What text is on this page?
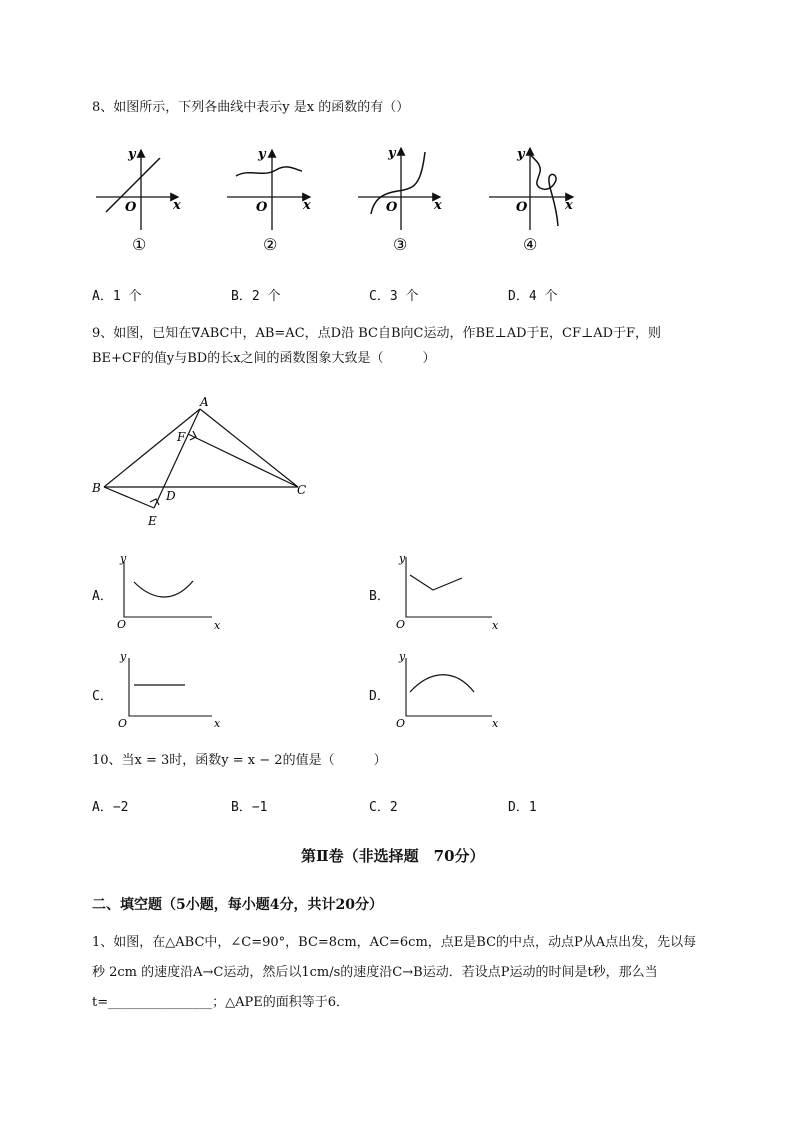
8、如图所示，下列各曲线中表示y 是x 的函数的有（）
y
x
O
y
x
O
y
x
O
y
x
O
①	②	③	④
A．1 个	B．2 个	C．3 个	D．4 个
9、如图，已知在∇ABC中，AB=AC，点D沿 BC自B向C运动，作BE⊥AD于E，CF⊥AD于F，则
BE+CF的值y与BD的长x之间的函数图象大致是（　　　）
A
B	C
D
E
F
y
x
O
y
x
O
y
x
O
y
x
O
A．	B．
C．	D．
10、当x = 3时，函数y = x − 2的值是（　　　）
A．−2	B．−1	C．2	D．1
第Ⅱ卷（非选择题　70分）
二、填空题（5小题，每小题4分，共计20分）
1、如图，在△ABC中，∠C=90°，BC=8cm，AC=6cm，点E是BC的中点，动点P从A点出发，先以每
秒 2cm 的速度沿A→C运动，然后以1cm/s的速度沿C→B运动．若设点P运动的时间是t秒，那么当
t=________________；△APE的面积等于6．
